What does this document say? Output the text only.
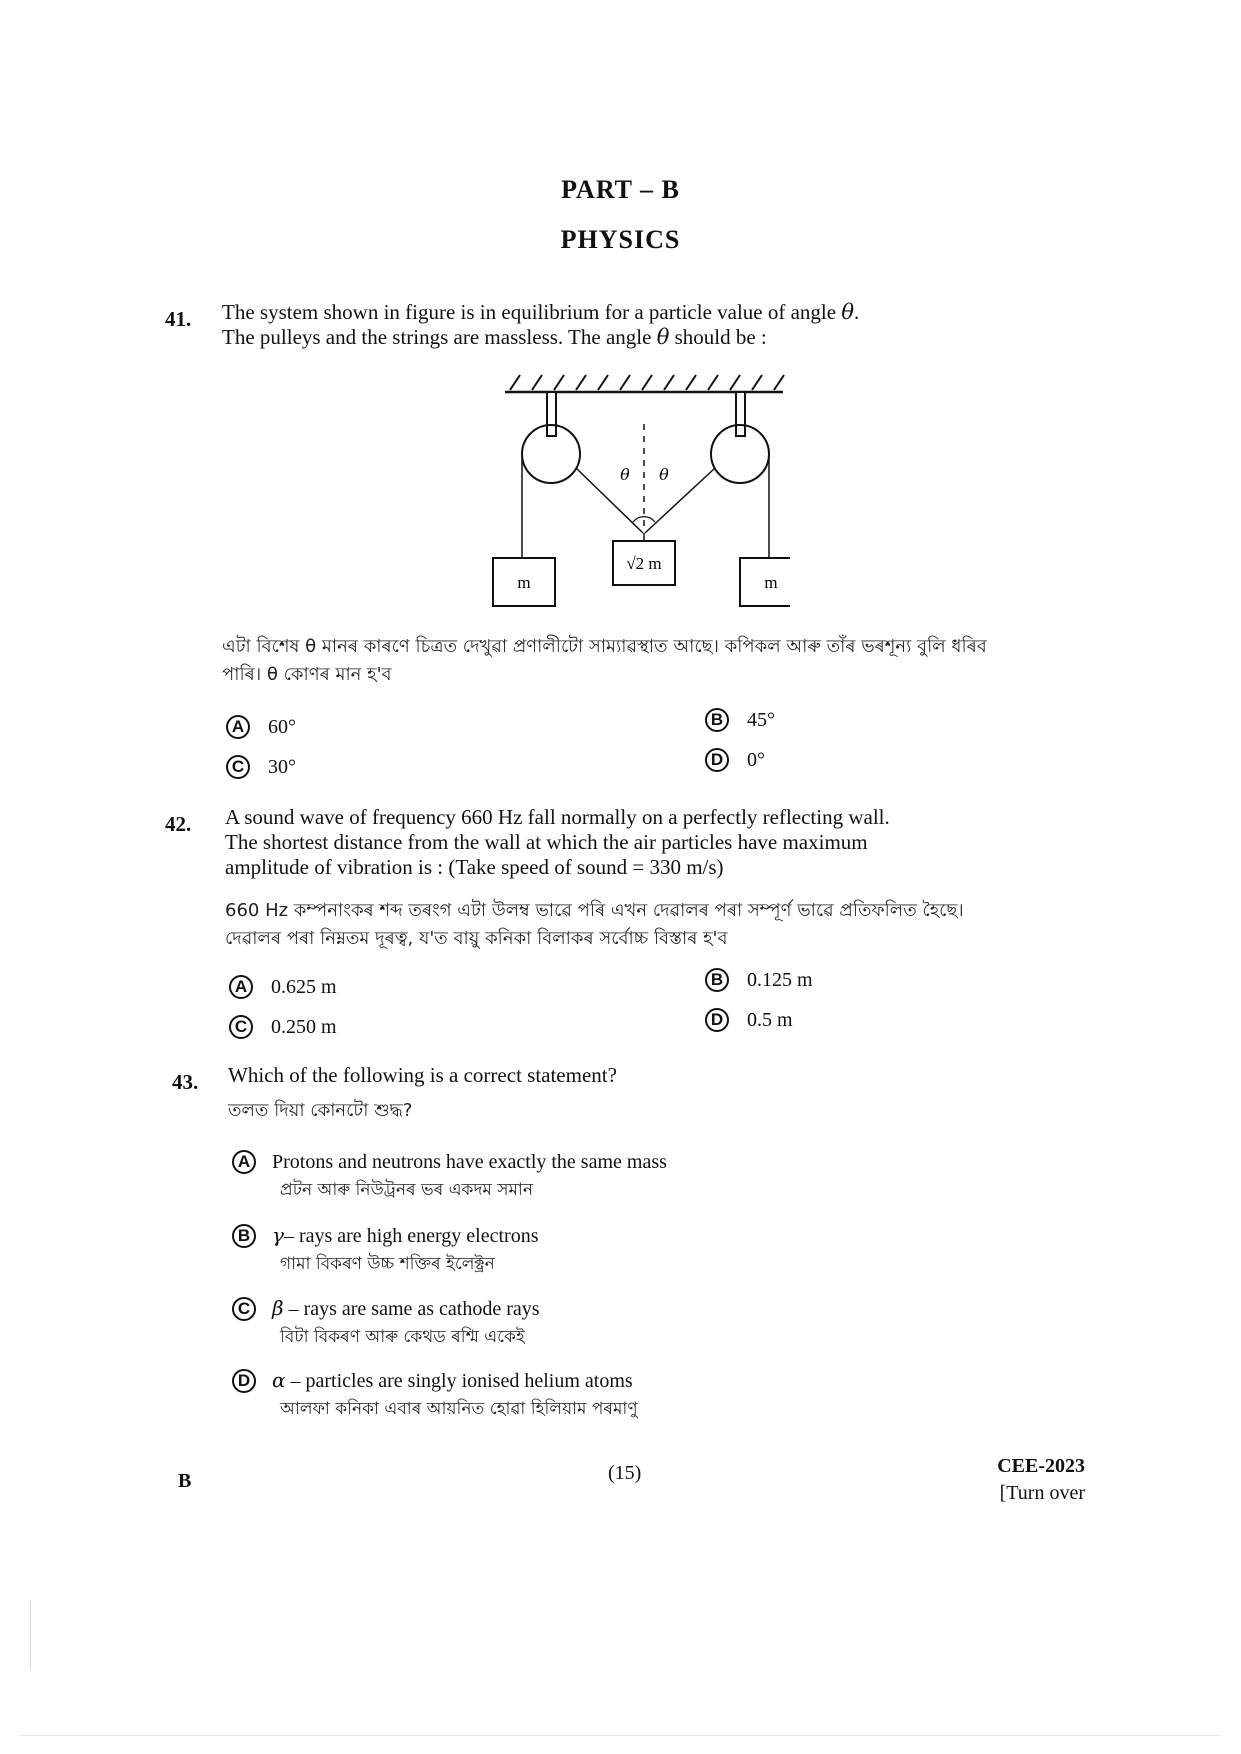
PART – B
PHYSICS
41. The system shown in figure is in equilibrium for a particle value of angle θ.
The pulleys and the strings are massless. The angle θ should be :
θ θ
m	m
√2 m
এটা বিশেষ θ মানৰ কাৰণে চিত্ৰত দেখুৱা প্ৰণালীটো সাম্যাৱস্থাত আছে। কপিকল আৰু তাঁৰ ভৰশূন্য বুলি ধৰিব
পাৰি। θ কোণৰ মান হ'ব
A 60°	B 45°
C 30°	D 0°
42. A sound wave of frequency 660 Hz fall normally on a perfectly reflecting wall.
The shortest distance from the wall at which the air particles have maximum
amplitude of vibration is : (Take speed of sound = 330 m/s)
660 Hz কম্পনাংকৰ শব্দ তৰংগ এটা উলম্ব ভাৱে পৰি এখন দেৱালৰ পৰা সম্পূৰ্ণ ভাৱে প্ৰতিফলিত হৈছে।
দেৱালৰ পৰা নিম্নতম দূৰত্ব, য'ত বায়ু কনিকা বিলাকৰ সৰ্বোচ্চ বিস্তাৰ হ'ব
A 0.625 m	B 0.125 m
C 0.250 m	D 0.5 m
43. Which of the following is a correct statement?
তলত দিয়া কোনটো শুদ্ধ?
A Protons and neutrons have exactly the same mass
প্ৰটন আৰু নিউট্ৰনৰ ভৰ একদম সমান
B γ– rays are high energy electrons
গামা বিকৰণ উচ্চ শক্তিৰ ইলেক্ট্ৰন
C β – rays are same as cathode rays
বিটা বিকৰণ আৰু কেথড ৰশ্মি একেই
D α – particles are singly ionised helium atoms
আলফা কনিকা এবাৰ আয়নিত হোৱা হিলিয়াম পৰমাণু
B	(15)	CEE-2023
[Turn over
